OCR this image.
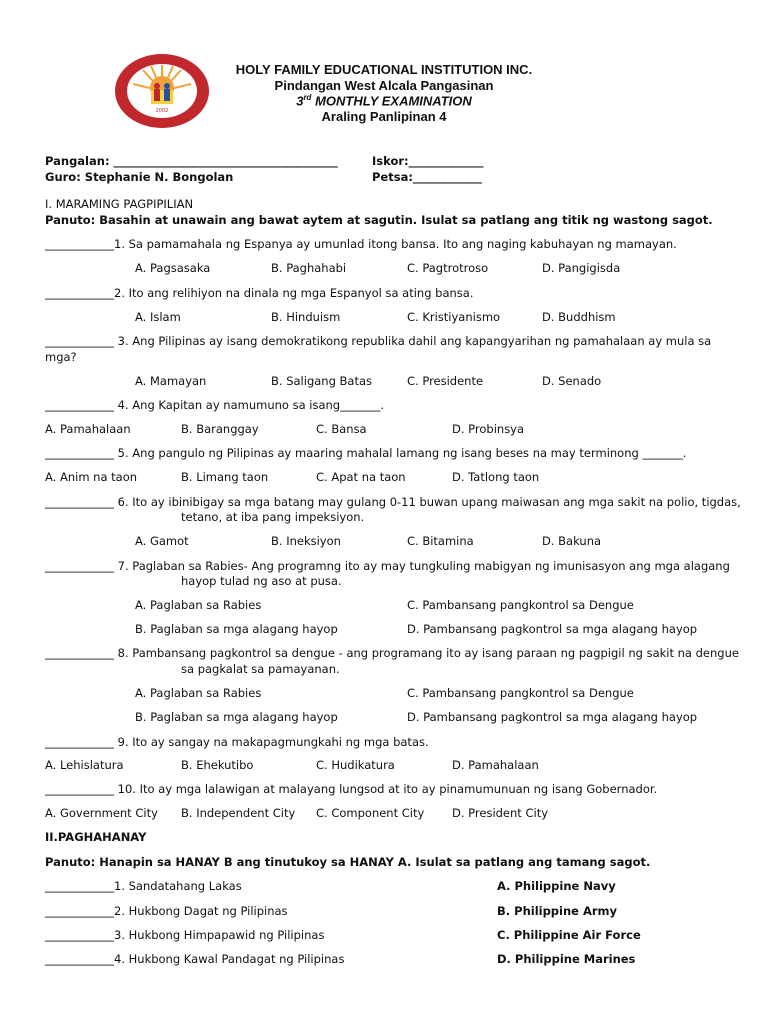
2002
HOLY FAMILY EDUCATIONAL INSTITUTION INC.
Pindangan West Alcala Pangasinan
3rd MONTHLY EXAMINATION
Araling Panlipinan 4
Pangalan: _______________________________________	Iskor:_____________
Guro: Stephanie N. Bongolan	Petsa:____________
I. MARAMING PAGPIPILIAN
Panuto: Basahin at unawain ang bawat aytem at sagutin. Isulat sa patlang ang titik ng wastong sagot.
____________1. Sa pamamahala ng Espanya ay umunlad itong bansa. Ito ang naging kabuhayan ng mamayan.
A. Pagsasaka	B. Paghahabi	C. Pagtrotroso	D. Pangigisda
____________2. Ito ang relihiyon na dinala ng mga Espanyol sa ating bansa.
A. Islam	B. Hinduism	C. Kristiyanismo	D. Buddhism
____________ 3. Ang Pilipinas ay isang demokratikong republika dahil ang kapangyarihan ng pamahalaan ay mula sa
mga?
A. Mamayan	B. Saligang Batas	C. Presidente	D. Senado
____________ 4. Ang Kapitan ay namumuno sa isang_______.
A. Pamahalaan	B. Baranggay	C. Bansa	D. Probinsya
____________ 5. Ang pangulo ng Pilipinas ay maaring mahalal lamang ng isang beses na may terminong _______.
A. Anim na taon	B. Limang taon	C. Apat na taon	D. Tatlong taon
____________ 6. Ito ay ibinibigay sa mga batang may gulang 0-11 buwan upang maiwasan ang mga sakit na polio, tigdas,
tetano, at iba pang impeksiyon.
A. Gamot	B. Ineksiyon	C. Bitamina	D. Bakuna
____________ 7. Paglaban sa Rabies- Ang programng ito ay may tungkuling mabigyan ng imunisasyon ang mga alagang
hayop tulad ng aso at pusa.
A. Paglaban sa Rabies	C. Pambansang pangkontrol sa Dengue
B. Paglaban sa mga alagang hayop	D. Pambansang pagkontrol sa mga alagang hayop
____________ 8. Pambansang pagkontrol sa dengue - ang programang ito ay isang paraan ng pagpigil ng sakit na dengue
sa pagkalat sa pamayanan.
A. Paglaban sa Rabies	C. Pambansang pangkontrol sa Dengue
B. Paglaban sa mga alagang hayop	D. Pambansang pagkontrol sa mga alagang hayop
____________ 9. Ito ay sangay na makapagmungkahi ng mga batas.
A. Lehislatura	B. Ehekutibo	C. Hudikatura	D. Pamahalaan
____________ 10. Ito ay mga lalawigan at malayang lungsod at ito ay pinamumunuan ng isang Gobernador.
A. Government City B. Independent City C. Component City D. President City
II.PAGHAHANAY
Panuto: Hanapin sa HANAY B ang tinutukoy sa HANAY A. Isulat sa patlang ang tamang sagot.
____________1. Sandatahang Lakas	A. Philippine Navy
____________2. Hukbong Dagat ng Pilipinas	B. Philippine Army
____________3. Hukbong Himpapawid ng Pilipinas	C. Philippine Air Force
____________4. Hukbong Kawal Pandagat ng Pilipinas	D. Philippine Marines
